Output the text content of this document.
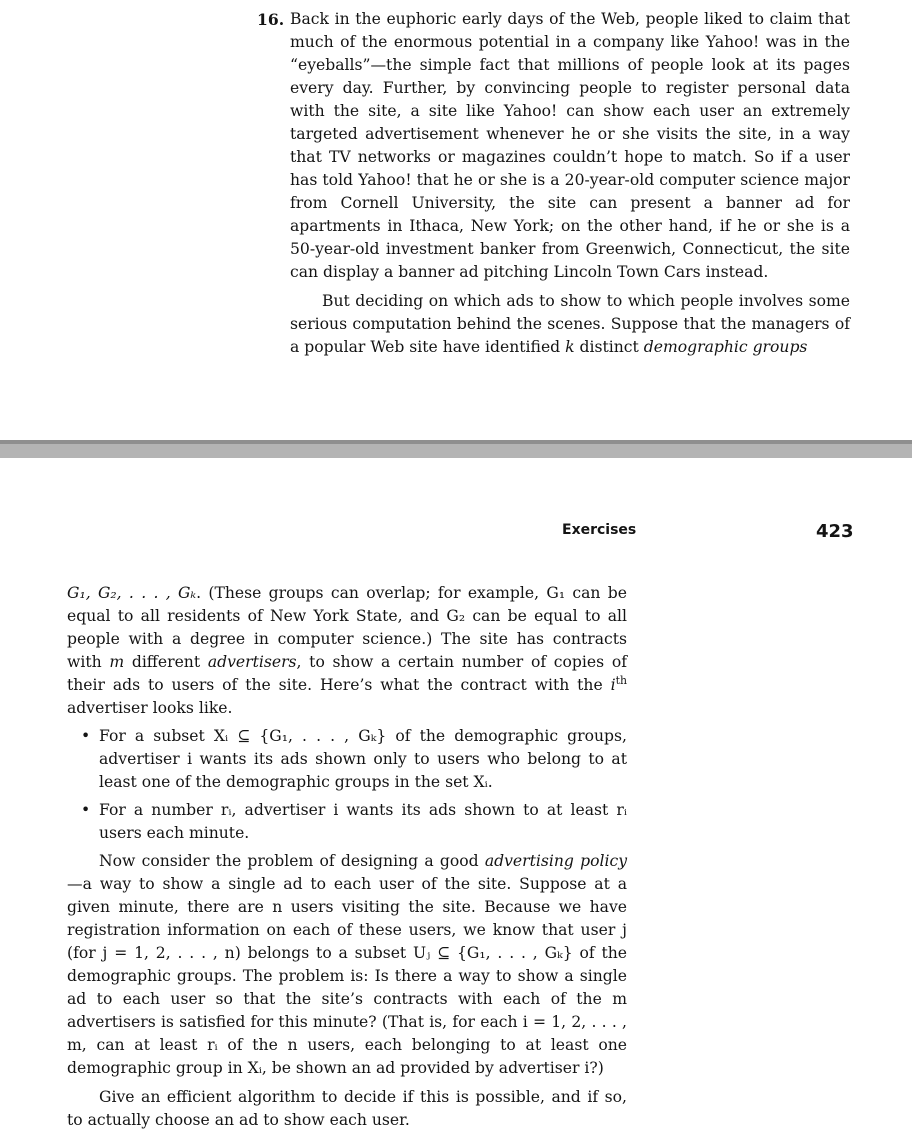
16. Back in the euphoric early days of the Web, people liked to claim that much of the enormous potential in a company like Yahoo! was in the “eyeballs”—the simple fact that millions of people look at its pages every day. Further, by convincing people to register personal data with the site, a site like Yahoo! can show each user an extremely targeted advertisement whenever he or she visits the site, in a way that TV networks or magazines couldn’t hope to match. So if a user has told Yahoo! that he or she is a 20-year-old computer science major from Cornell University, the site can present a banner ad for apartments in Ithaca, New York; on the other hand, if he or she is a 50-year-old investment banker from Greenwich, Connecticut, the site can display a banner ad pitching Lincoln Town Cars instead.

But deciding on which ads to show to which people involves some serious computation behind the scenes. Suppose that the managers of a popular Web site have identified k distinct demographic groups

Exercises	423

G₁, G₂, . . . , Gₖ. (These groups can overlap; for example, G₁ can be equal to all residents of New York State, and G₂ can be equal to all people with a degree in computer science.) The site has contracts with m different advertisers, to show a certain number of copies of their ads to users of the site. Here’s what the contract with the $i^{th}$ advertiser looks like.

• For a subset Xᵢ ⊆ {G₁, . . . , Gₖ} of the demographic groups, advertiser i wants its ads shown only to users who belong to at least one of the demographic groups in the set Xᵢ.
• For a number rᵢ, advertiser i wants its ads shown to at least rᵢ users each minute.

Now consider the problem of designing a good advertising policy—a way to show a single ad to each user of the site. Suppose at a given minute, there are n users visiting the site. Because we have registration information on each of these users, we know that user j (for j = 1, 2, . . . , n) belongs to a subset Uⱼ ⊆ {G₁, . . . , Gₖ} of the demographic groups. The problem is: Is there a way to show a single ad to each user so that the site’s contracts with each of the m advertisers is satisfied for this minute? (That is, for each i = 1, 2, . . . , m, can at least rᵢ of the n users, each belonging to at least one demographic group in Xᵢ, be shown an ad provided by advertiser i?)

Give an efficient algorithm to decide if this is possible, and if so, to actually choose an ad to show each user.
